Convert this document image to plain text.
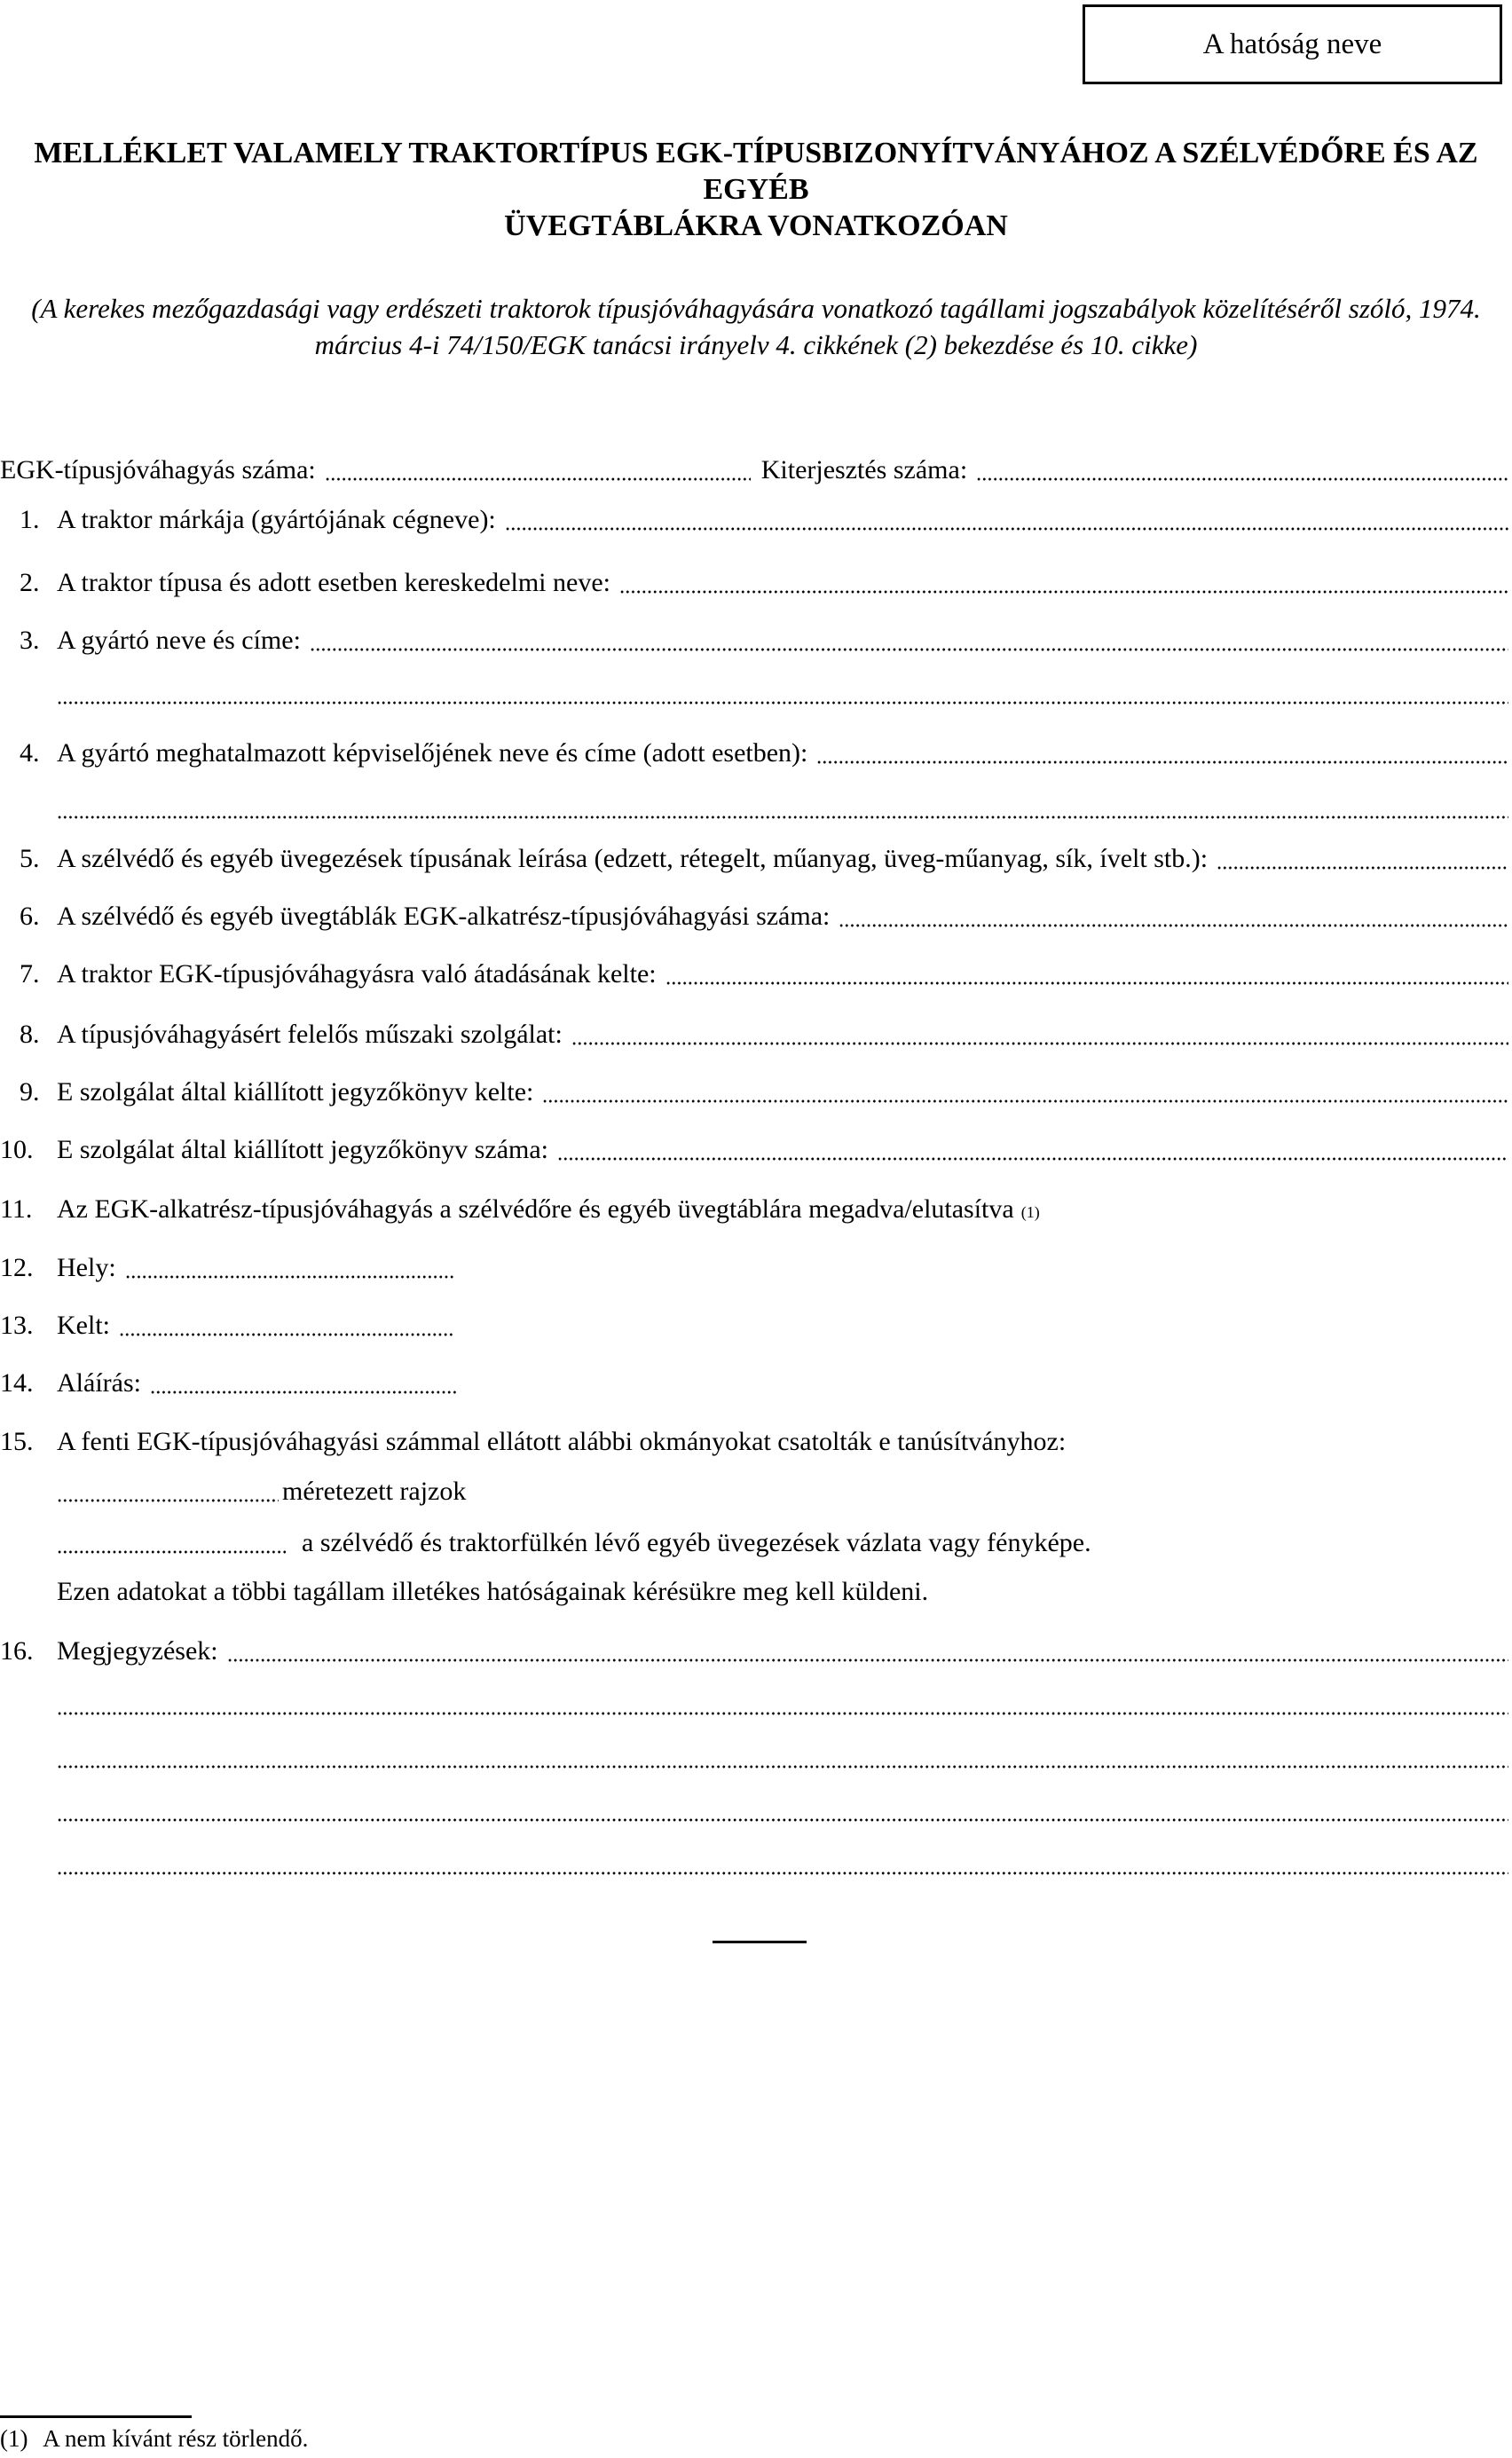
A hatóság neve
MELLÉKLET VALAMELY TRAKTORTÍPUS EGK-TÍPUSBIZONYÍTVÁNYÁHOZ A SZÉLVÉDŐRE ÉS AZ EGYÉB
ÜVEGTÁBLÁKRA VONATKOZÓAN
(A kerekes mezőgazdasági vagy erdészeti traktorok típusjóváhagyására vonatkozó tagállami jogszabályok közelítéséről szóló, 1974.
március 4-i 74/150/EGK tanácsi irányelv 4. cikkének (2) bekezdése és 10. cikke)
EGK-típusjóváhagyás száma:	Kiterjesztés száma:
1. A traktor márkája (gyártójának cégneve):
2. A traktor típusa és adott esetben kereskedelmi neve:
3. A gyártó neve és címe:
4. A gyártó meghatalmazott képviselőjének neve és címe (adott esetben):
5. A szélvédő és egyéb üvegezések típusának leírása (edzett, rétegelt, műanyag, üveg-műanyag, sík, ívelt stb.):
6. A szélvédő és egyéb üvegtáblák EGK-alkatrész-típusjóváhagyási száma:
7. A traktor EGK-típusjóváhagyásra való átadásának kelte:
8. A típusjóváhagyásért felelős műszaki szolgálat:
9. E szolgálat által kiállított jegyzőkönyv kelte:
10. E szolgálat által kiállított jegyzőkönyv száma:
11. Az EGK-alkatrész-típusjóváhagyás a szélvédőre és egyéb üvegtáblára megadva/elutasítva (1)
12. Hely:
13. Kelt:
14. Aláírás:
15. A fenti EGK-típusjóváhagyási számmal ellátott alábbi okmányokat csatolták e tanúsítványhoz:
méretezett rajzok
a szélvédő és traktorfülkén lévő egyéb üvegezések vázlata vagy fényképe.
Ezen adatokat a többi tagállam illetékes hatóságainak kérésükre meg kell küldeni.
16. Megjegyzések:
(1) A nem kívánt rész törlendő.
